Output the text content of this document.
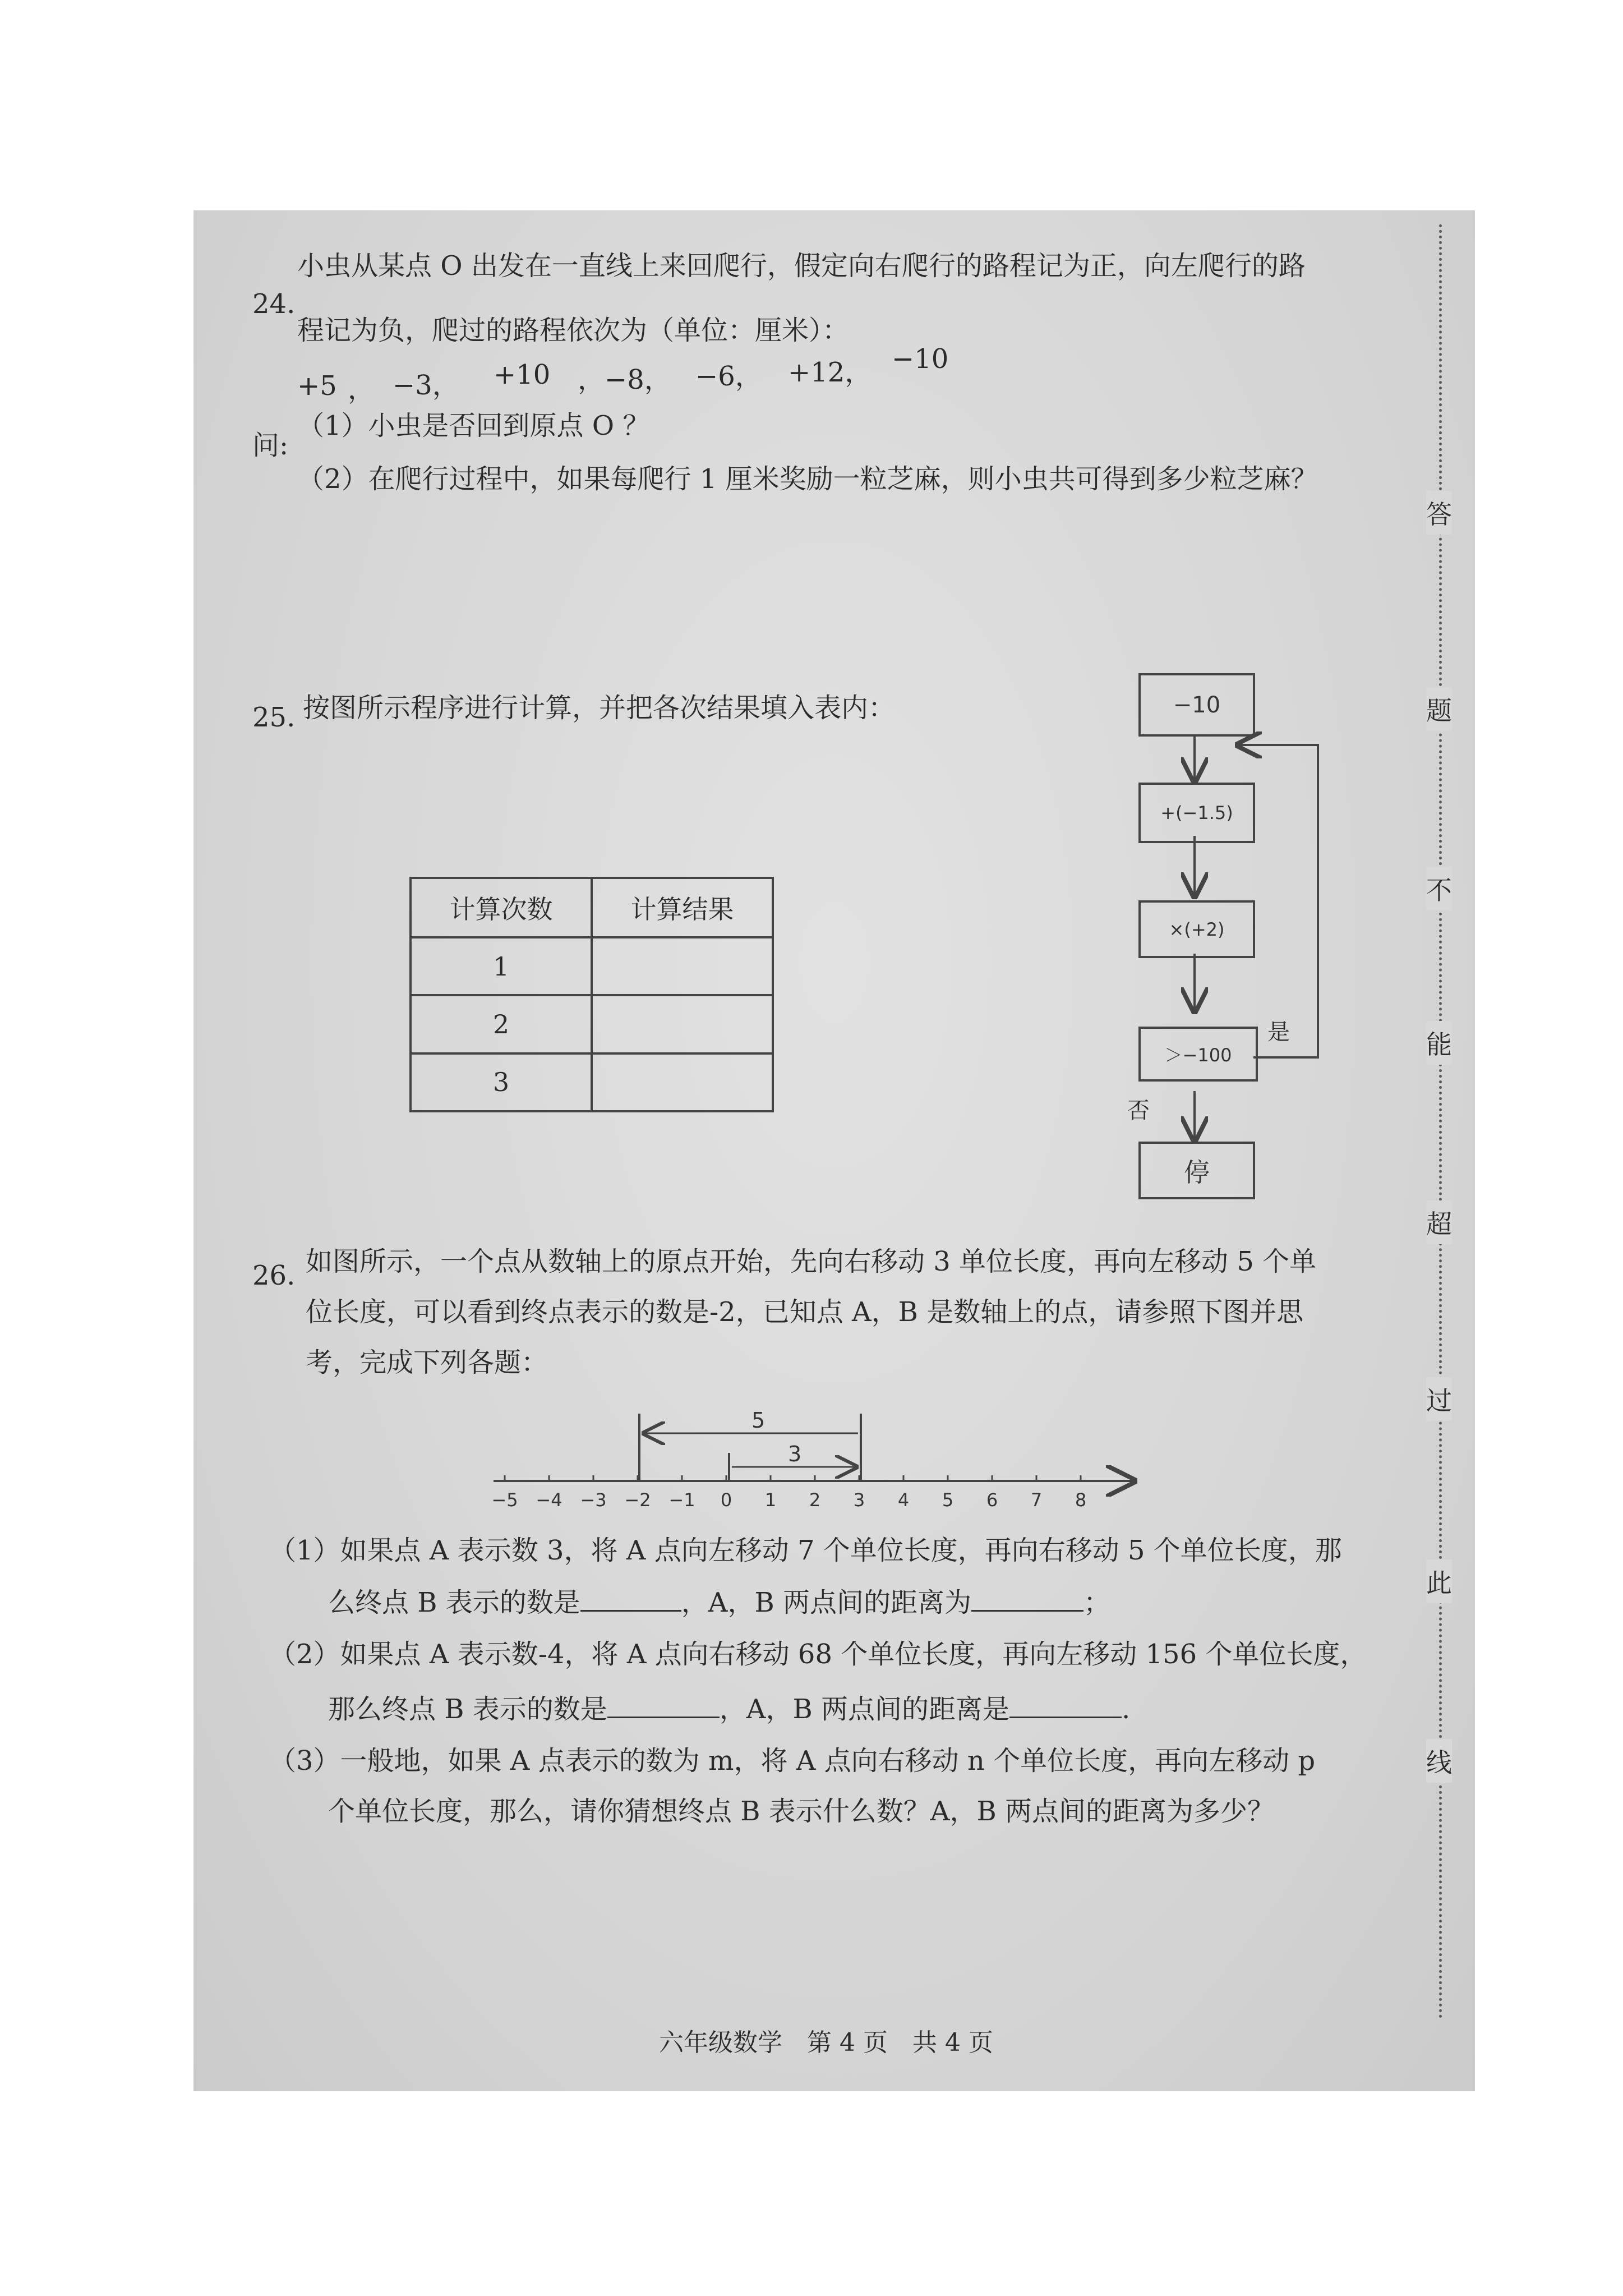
24.
小虫从某点 O 出发在一直线上来回爬行，假定向右爬行的路程记为正，向左爬行的路
程记为负，爬过的路程依次为（单位：厘米）：
+5 ， −3， +10 ，−8， −6， +12， −10
问:
（1）小虫是否回到原点 O ？
（2）在爬行过程中，如果每爬行 1 厘米奖励一粒芝麻，则小虫共可得到多少粒芝麻？
25. 按图所示程序进行计算，并把各次结果填入表内：
计算次数	计算结果
1	
2	
3	
−10
+(−1.5)
×(+2)
＞−100
是
否
停
26. 如图所示，一个点从数轴上的原点开始，先向右移动 3 单位长度，再向左移动 5 个单
位长度，可以看到终点表示的数是-2，已知点 A，B 是数轴上的点，请参照下图并思
考，完成下列各题：
−5 −4 −3 −2 −1 0 1 2 3 4 5 6 7 8
5
3
（1）如果点 A 表示数 3，将 A 点向左移动 7 个单位长度，再向右移动 5 个单位长度，那
么终点 B 表示的数是	，A，B 两点间的距离为	；
（2）如果点 A 表示数-4，将 A 点向右移动 68 个单位长度，再向左移动 156 个单位长度，
那么终点 B 表示的数是	，A，B 两点间的距离是	.
（3）一般地，如果 A 点表示的数为 m，将 A 点向右移动 n 个单位长度，再向左移动 p
个单位长度，那么，请你猜想终点 B 表示什么数？A，B 两点间的距离为多少？
六年级数学　第 4 页　共 4 页
答
题
不
能
超
过
此
线
